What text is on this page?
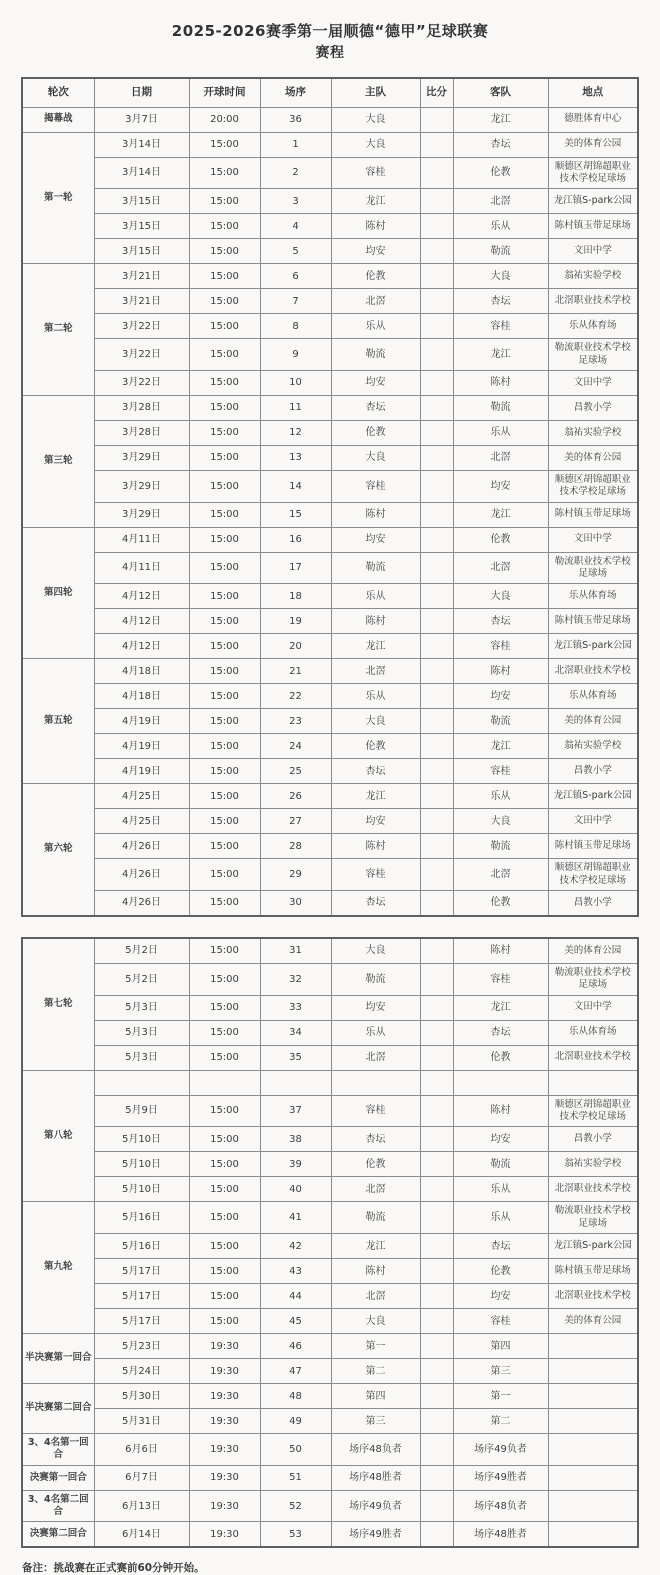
2025-2026赛季第一届顺德“德甲”足球联赛
赛程
轮次	日期	开球时间	场序	主队	比分	客队	地点
揭幕战	3月7日	20:00	36	大良		龙江	德胜体育中心
第一轮	3月14日	15:00	1	大良		杏坛	美的体育公园
	3月14日	15:00	2	容桂		伦教	顺德区胡锦超职业技术学校足球场
	3月15日	15:00	3	龙江		北滘	龙江镇S-park公园
	3月15日	15:00	4	陈村		乐从	陈村镇玉带足球场
	3月15日	15:00	5	均安		勒流	文田中学
第二轮	3月21日	15:00	6	伦教		大良	翁祐实验学校
	3月21日	15:00	7	北滘		杏坛	北滘职业技术学校
	3月22日	15:00	8	乐从		容桂	乐从体育场
	3月22日	15:00	9	勒流		龙江	勒流职业技术学校足球场
	3月22日	15:00	10	均安		陈村	文田中学
第三轮	3月28日	15:00	11	杏坛		勒流	昌教小学
	3月28日	15:00	12	伦教		乐从	翁祐实验学校
	3月29日	15:00	13	大良		北滘	美的体育公园
	3月29日	15:00	14	容桂		均安	顺德区胡锦超职业技术学校足球场
	3月29日	15:00	15	陈村		龙江	陈村镇玉带足球场
第四轮	4月11日	15:00	16	均安		伦教	文田中学
	4月11日	15:00	17	勒流		北滘	勒流职业技术学校足球场
	4月12日	15:00	18	乐从		大良	乐从体育场
	4月12日	15:00	19	陈村		杏坛	陈村镇玉带足球场
	4月12日	15:00	20	龙江		容桂	龙江镇S-park公园
第五轮	4月18日	15:00	21	北滘		陈村	北滘职业技术学校
	4月18日	15:00	22	乐从		均安	乐从体育场
	4月19日	15:00	23	大良		勒流	美的体育公园
	4月19日	15:00	24	伦教		龙江	翁祐实验学校
	4月19日	15:00	25	杏坛		容桂	昌教小学
第六轮	4月25日	15:00	26	龙江		乐从	龙江镇S-park公园
	4月25日	15:00	27	均安		大良	文田中学
	4月26日	15:00	28	陈村		勒流	陈村镇玉带足球场
	4月26日	15:00	29	容桂		北滘	顺德区胡锦超职业技术学校足球场
	4月26日	15:00	30	杏坛		伦教	昌教小学
第七轮	5月2日	15:00	31	大良		陈村	美的体育公园
	5月2日	15:00	32	勒流		容桂	勒流职业技术学校足球场
	5月3日	15:00	33	均安		龙江	文田中学
	5月3日	15:00	34	乐从		杏坛	乐从体育场
	5月3日	15:00	35	北滘		伦教	北滘职业技术学校
第八轮							
	5月9日	15:00	37	容桂		陈村	顺德区胡锦超职业技术学校足球场
	5月10日	15:00	38	杏坛		均安	昌教小学
	5月10日	15:00	39	伦教		勒流	翁祐实验学校
	5月10日	15:00	40	北滘		乐从	北滘职业技术学校
第九轮	5月16日	15:00	41	勒流		乐从	勒流职业技术学校足球场
	5月16日	15:00	42	龙江		杏坛	龙江镇S-park公园
	5月17日	15:00	43	陈村		伦教	陈村镇玉带足球场
	5月17日	15:00	44	北滘		均安	北滘职业技术学校
	5月17日	15:00	45	大良		容桂	美的体育公园
半决赛第一回合	5月23日	19:30	46	第一		第四	
	5月24日	19:30	47	第二		第三	
半决赛第二回合	5月30日	19:30	48	第四		第一	
	5月31日	19:30	49	第三		第二	
3、4名第一回合	6月6日	19:30	50	场序48负者		场序49负者	
决赛第一回合	6月7日	19:30	51	场序48胜者		场序49胜者	
3、4名第二回合	6月13日	19:30	52	场序49负者		场序48负者	
决赛第二回合	6月14日	19:30	53	场序49胜者		场序48胜者	
备注：挑战赛在正式赛前60分钟开始。
